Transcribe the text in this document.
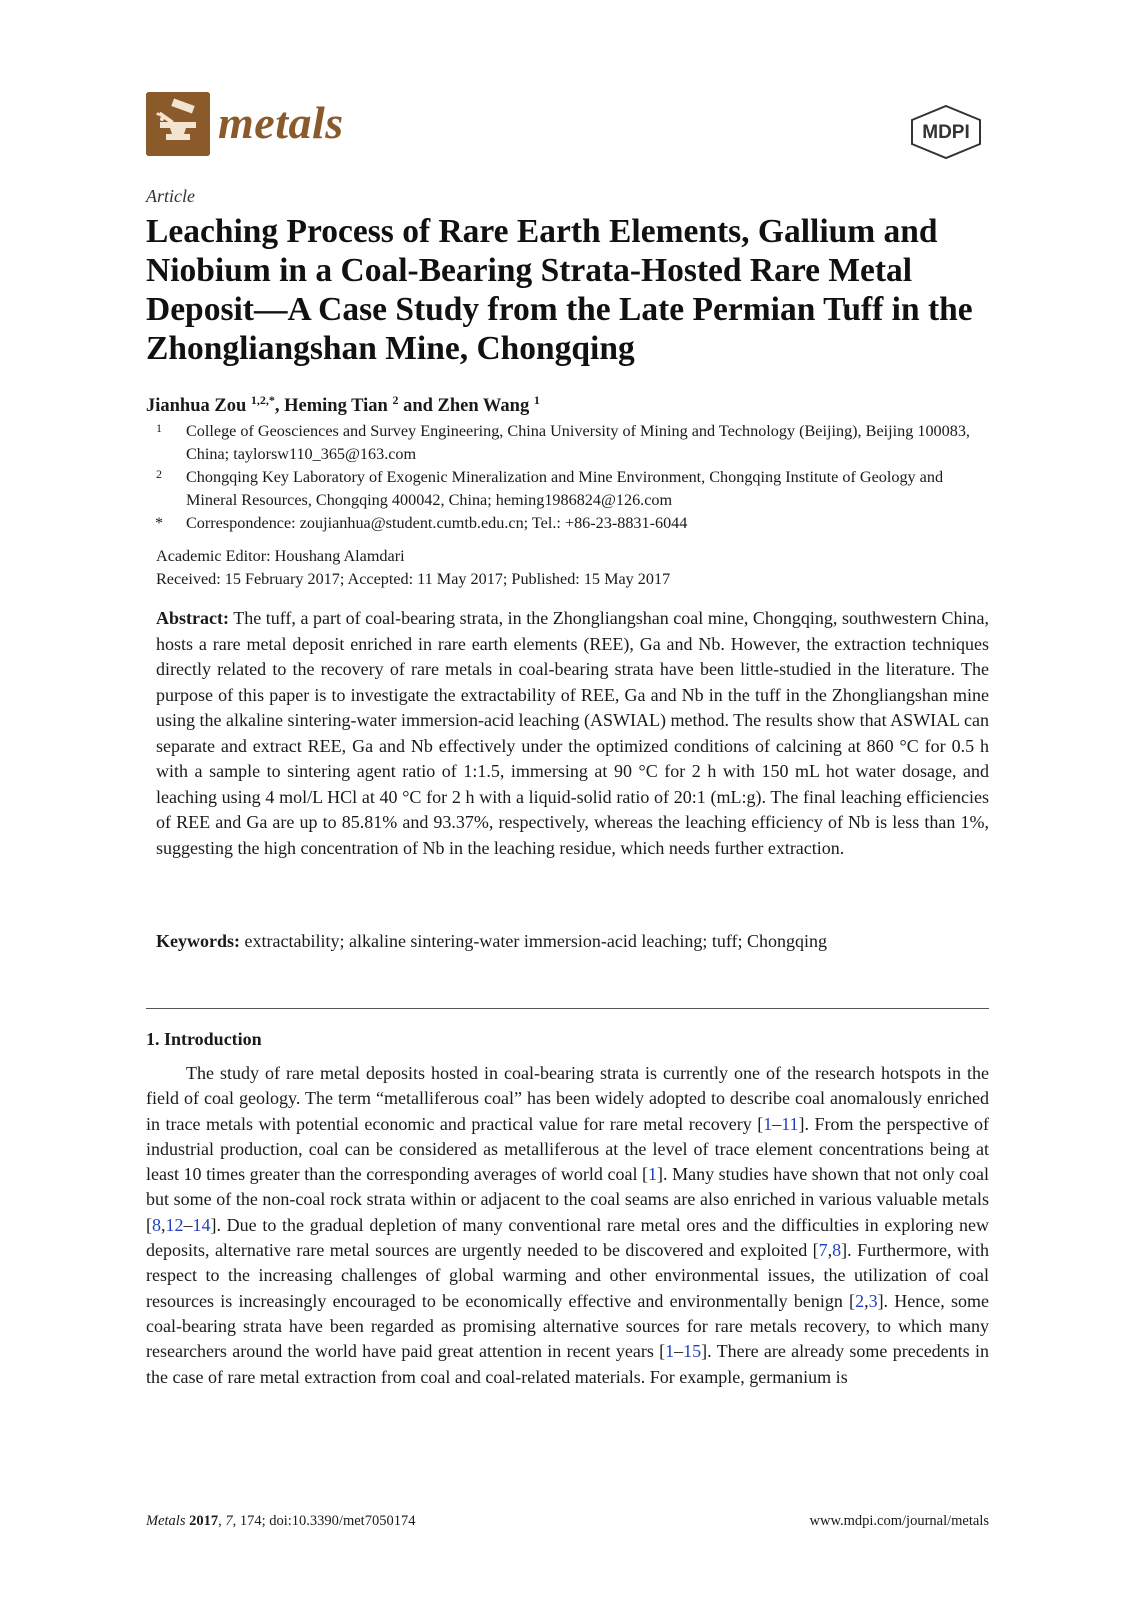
metals	MDPI
Article
Leaching Process of Rare Earth Elements, Gallium and Niobium in a Coal-Bearing Strata-Hosted Rare Metal Deposit—A Case Study from the Late Permian Tuff in the Zhongliangshan Mine, Chongqing
Jianhua Zou $^{1,2,*}$, Heming Tian $^2$ and Zhen Wang $^1$
1 College of Geosciences and Survey Engineering, China University of Mining and Technology (Beijing), Beijing 100083, China; taylorsw110_365@163.com
2 Chongqing Key Laboratory of Exogenic Mineralization and Mine Environment, Chongqing Institute of Geology and Mineral Resources, Chongqing 400042, China; heming1986824@126.com
* Correspondence: zoujianhua@student.cumtb.edu.cn; Tel.: +86-23-8831-6044
Academic Editor: Houshang Alamdari
Received: 15 February 2017; Accepted: 11 May 2017; Published: 15 May 2017
Abstract: The tuff, a part of coal-bearing strata, in the Zhongliangshan coal mine, Chongqing, southwestern China, hosts a rare metal deposit enriched in rare earth elements (REE), Ga and Nb. However, the extraction techniques directly related to the recovery of rare metals in coal-bearing strata have been little-studied in the literature. The purpose of this paper is to investigate the extractability of REE, Ga and Nb in the tuff in the Zhongliangshan mine using the alkaline sintering-water immersion-acid leaching (ASWIAL) method. The results show that ASWIAL can separate and extract REE, Ga and Nb effectively under the optimized conditions of calcining at 860 °C for 0.5 h with a sample to sintering agent ratio of 1:1.5, immersing at 90 °C for 2 h with 150 mL hot water dosage, and leaching using 4 mol/L HCl at 40 °C for 2 h with a liquid-solid ratio of 20:1 (mL:g). The final leaching efficiencies of REE and Ga are up to 85.81% and 93.37%, respectively, whereas the leaching efficiency of Nb is less than 1%, suggesting the high concentration of Nb in the leaching residue, which needs further extraction.
Keywords: extractability; alkaline sintering-water immersion-acid leaching; tuff; Chongqing
1. Introduction
The study of rare metal deposits hosted in coal-bearing strata is currently one of the research hotspots in the field of coal geology. The term “metalliferous coal” has been widely adopted to describe coal anomalously enriched in trace metals with potential economic and practical value for rare metal recovery [1–11]. From the perspective of industrial production, coal can be considered as metalliferous at the level of trace element concentrations being at least 10 times greater than the corresponding averages of world coal [1]. Many studies have shown that not only coal but some of the non-coal rock strata within or adjacent to the coal seams are also enriched in various valuable metals [8,12–14]. Due to the gradual depletion of many conventional rare metal ores and the difficulties in exploring new deposits, alternative rare metal sources are urgently needed to be discovered and exploited [7,8]. Furthermore, with respect to the increasing challenges of global warming and other environmental issues, the utilization of coal resources is increasingly encouraged to be economically effective and environmentally benign [2,3]. Hence, some coal-bearing strata have been regarded as promising alternative sources for rare metals recovery, to which many researchers around the world have paid great attention in recent years [1–15]. There are already some precedents in the case of rare metal extraction from coal and coal-related materials. For example, germanium is
Metals 2017, 7, 174; doi:10.3390/met7050174	www.mdpi.com/journal/metals
